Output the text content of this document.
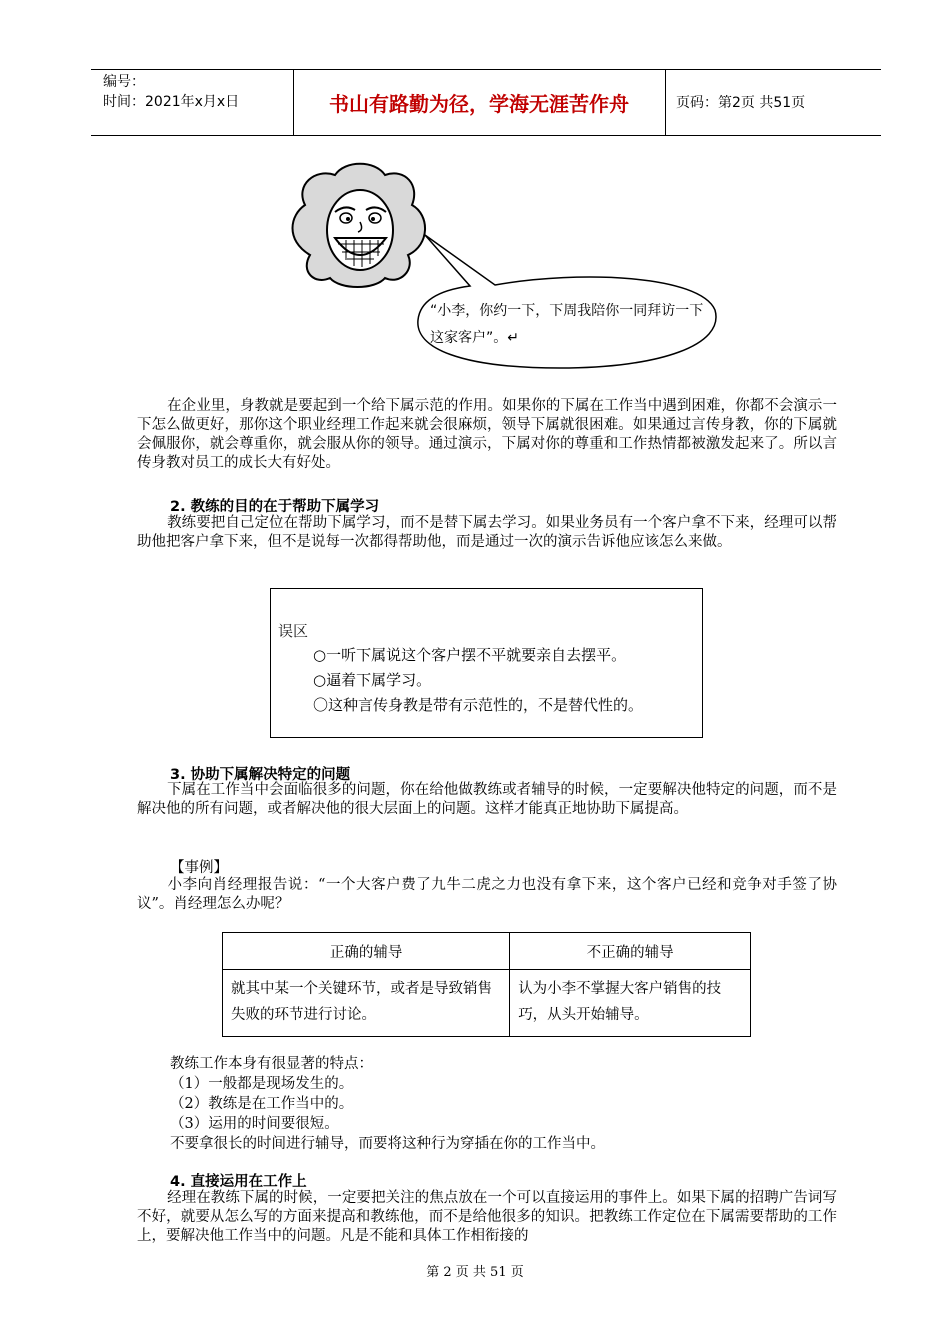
编号：
时间：2021年x月x日	书山有路勤为径，学海无涯苦作舟	页码：第2页 共51页
“小李，你约一下，下周我陪你一同拜访一下这家客户”。↵
在企业里，身教就是要起到一个给下属示范的作用。如果你的下属在工作当中遇到困难，你都不会演示一下怎么做更好，那你这个职业经理工作起来就会很麻烦，领导下属就很困难。如果通过言传身教，你的下属就会佩服你，就会尊重你，就会服从你的领导。通过演示，下属对你的尊重和工作热情都被激发起来了。所以言传身教对员工的成长大有好处。
2. 教练的目的在于帮助下属学习
教练要把自己定位在帮助下属学习，而不是替下属去学习。如果业务员有一个客户拿不下来，经理可以帮助他把客户拿下来，但不是说每一次都得帮助他，而是通过一次的演示告诉他应该怎么来做。
误区
○一听下属说这个客户摆不平就要亲自去摆平。
○逼着下属学习。
〇这种言传身教是带有示范性的，不是替代性的。
3. 协助下属解决特定的问题
下属在工作当中会面临很多的问题，你在给他做教练或者辅导的时候，一定要解决他特定的问题，而不是解决他的所有问题，或者解决他的很大层面上的问题。这样才能真正地协助下属提高。
【事例】
小李向肖经理报告说：“一个大客户费了九牛二虎之力也没有拿下来，这个客户已经和竞争对手签了协议”。肖经理怎么办呢？
正确的辅导	不正确的辅导
就其中某一个关键环节，或者是导致销售失败的环节进行讨论。	认为小李不掌握大客户销售的技巧，从头开始辅导。
教练工作本身有很显著的特点：
（1）一般都是现场发生的。
（2）教练是在工作当中的。
（3）运用的时间要很短。
不要拿很长的时间进行辅导，而要将这种行为穿插在你的工作当中。
4. 直接运用在工作上
经理在教练下属的时候，一定要把关注的焦点放在一个可以直接运用的事件上。如果下属的招聘广告词写不好，就要从怎么写的方面来提高和教练他，而不是给他很多的知识。把教练工作定位在下属需要帮助的工作上，要解决他工作当中的问题。凡是不能和具体工作相衔接的
第 2 页 共 51 页
